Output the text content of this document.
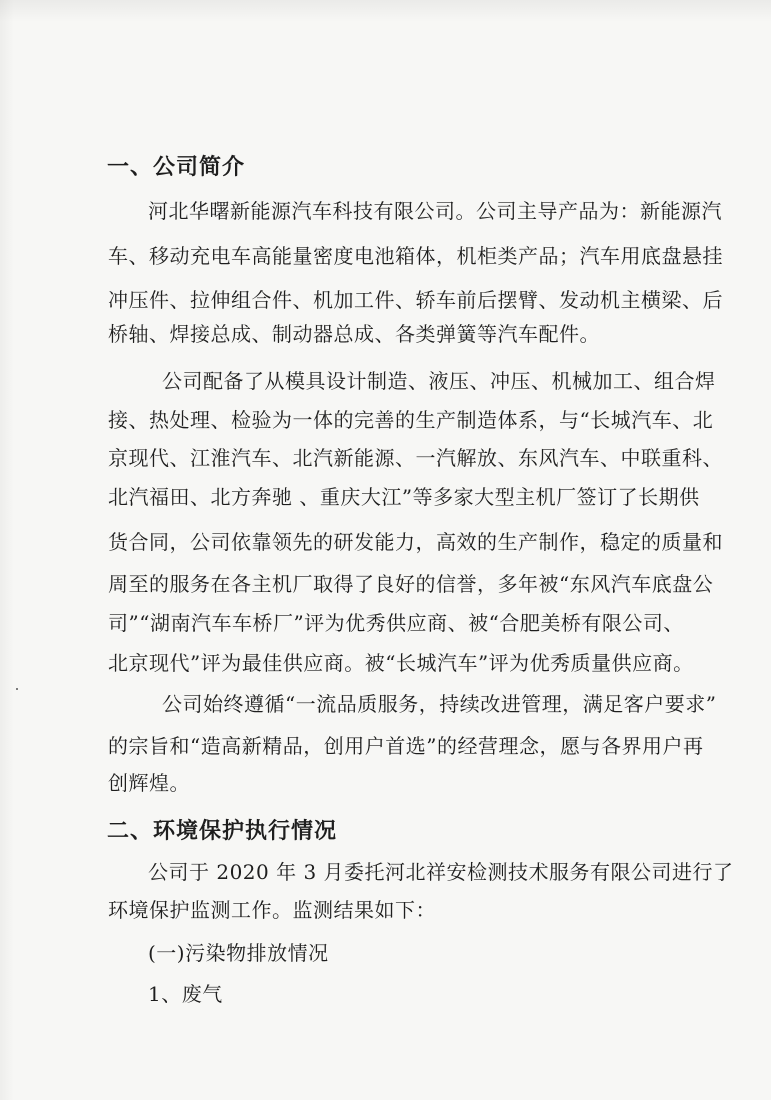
一、公司简介
河北华曙新能源汽车科技有限公司。公司主导产品为：新能源汽
车、移动充电车高能量密度电池箱体，机柜类产品；汽车用底盘悬挂
冲压件、拉伸组合件、机加工件、轿车前后摆臂、发动机主横梁、后
桥轴、焊接总成、制动器总成、各类弹簧等汽车配件。
公司配备了从模具设计制造、液压、冲压、机械加工、组合焊
接、热处理、检验为一体的完善的生产制造体系，与“长城汽车、北
京现代、江淮汽车、北汽新能源、一汽解放、东风汽车、中联重科、
北汽福田、北方奔驰 、重庆大江”等多家大型主机厂签订了长期供
货合同，公司依靠领先的研发能力，高效的生产制作，稳定的质量和
周至的服务在各主机厂取得了良好的信誉，多年被“东风汽车底盘公
司”“湖南汽车车桥厂”评为优秀供应商、被“合肥美桥有限公司、
北京现代”评为最佳供应商。被“长城汽车”评为优秀质量供应商。
公司始终遵循“一流品质服务，持续改进管理，满足客户要求”
的宗旨和“造高新精品，创用户首选”的经营理念，愿与各界用户再
创辉煌。
二、环境保护执行情况
公司于 2020 年 3 月委托河北祥安检测技术服务有限公司进行了
环境保护监测工作。监测结果如下：
(一)污染物排放情况
1、废气
